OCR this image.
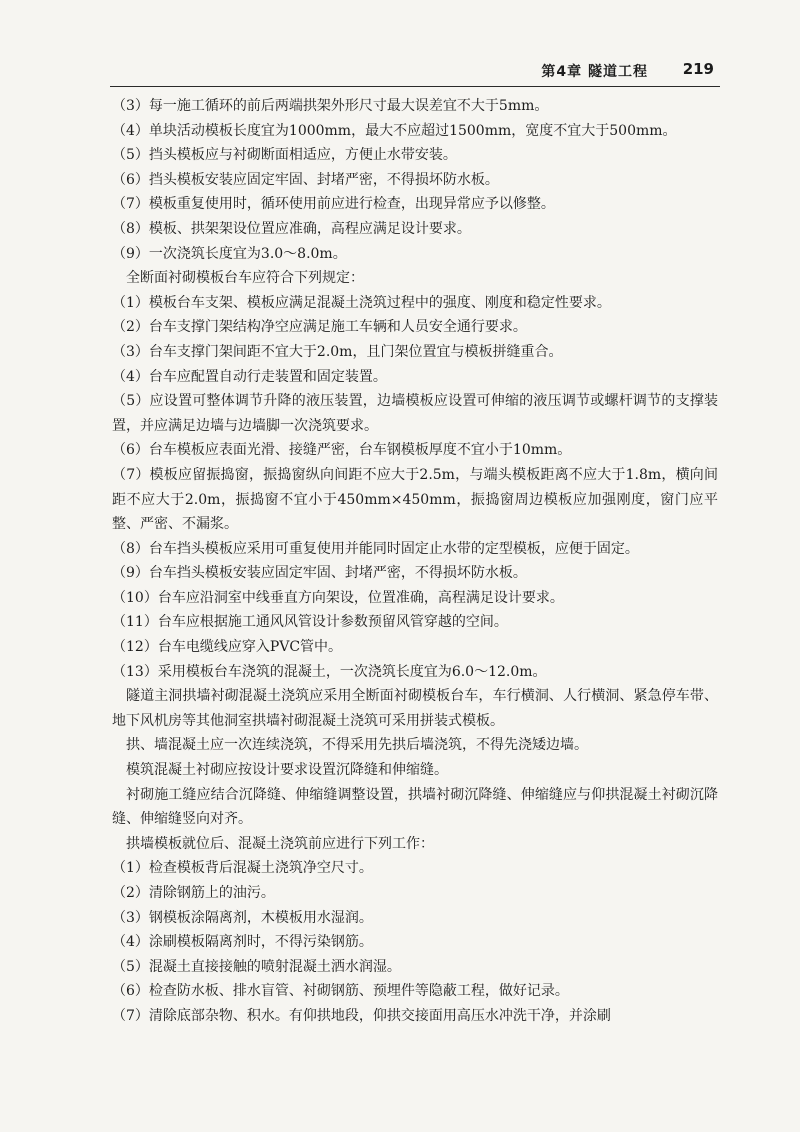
第4章 隧道工程 219

（3）每一施工循环的前后两端拱架外形尺寸最大误差宜不大于5mm。

（4）单块活动模板长度宜为1000mm，最大不应超过1500mm，宽度不宜大于500mm。

（5）挡头模板应与衬砌断面相适应，方便止水带安装。

（6）挡头模板安装应固定牢固、封堵严密，不得损坏防水板。

（7）模板重复使用时，循环使用前应进行检查，出现异常应予以修整。

（8）模板、拱架架设位置应准确，高程应满足设计要求。

（9）一次浇筑长度宜为3.0～8.0m。

全断面衬砌模板台车应符合下列规定：

（1）模板台车支架、模板应满足混凝土浇筑过程中的强度、刚度和稳定性要求。

（2）台车支撑门架结构净空应满足施工车辆和人员安全通行要求。

（3）台车支撑门架间距不宜大于2.0m，且门架位置宜与模板拼缝重合。

（4）台车应配置自动行走装置和固定装置。

（5）应设置可整体调节升降的液压装置，边墙模板应设置可伸缩的液压调节或螺杆调节的支撑装置，并应满足边墙与边墙脚一次浇筑要求。

（6）台车模板应表面光滑、接缝严密，台车钢模板厚度不宜小于10mm。

（7）模板应留振捣窗，振捣窗纵向间距不应大于2.5m，与端头模板距离不应大于1.8m，横向间距不应大于2.0m，振捣窗不宜小于450mm×450mm，振捣窗周边模板应加强刚度，窗门应平整、严密、不漏浆。

（8）台车挡头模板应采用可重复使用并能同时固定止水带的定型模板，应便于固定。

（9）台车挡头模板安装应固定牢固、封堵严密，不得损坏防水板。

（10）台车应沿洞室中线垂直方向架设，位置准确，高程满足设计要求。

（11）台车应根据施工通风风管设计参数预留风管穿越的空间。

（12）台车电缆线应穿入PVC管中。

（13）采用模板台车浇筑的混凝土，一次浇筑长度宜为6.0～12.0m。

隧道主洞拱墙衬砌混凝土浇筑应采用全断面衬砌模板台车，车行横洞、人行横洞、紧急停车带、地下风机房等其他洞室拱墙衬砌混凝土浇筑可采用拼装式模板。

拱、墙混凝土应一次连续浇筑，不得采用先拱后墙浇筑，不得先浇矮边墙。

模筑混凝土衬砌应按设计要求设置沉降缝和伸缩缝。

衬砌施工缝应结合沉降缝、伸缩缝调整设置，拱墙衬砌沉降缝、伸缩缝应与仰拱混凝土衬砌沉降缝、伸缩缝竖向对齐。

拱墙模板就位后、混凝土浇筑前应进行下列工作：

（1）检查模板背后混凝土浇筑净空尺寸。

（2）清除钢筋上的油污。

（3）钢模板涂隔离剂，木模板用水湿润。

（4）涂刷模板隔离剂时，不得污染钢筋。

（5）混凝土直接接触的喷射混凝土洒水润湿。

（6）检查防水板、排水盲管、衬砌钢筋、预埋件等隐蔽工程，做好记录。

（7）清除底部杂物、积水。有仰拱地段，仰拱交接面用高压水冲洗干净，并涂刷
